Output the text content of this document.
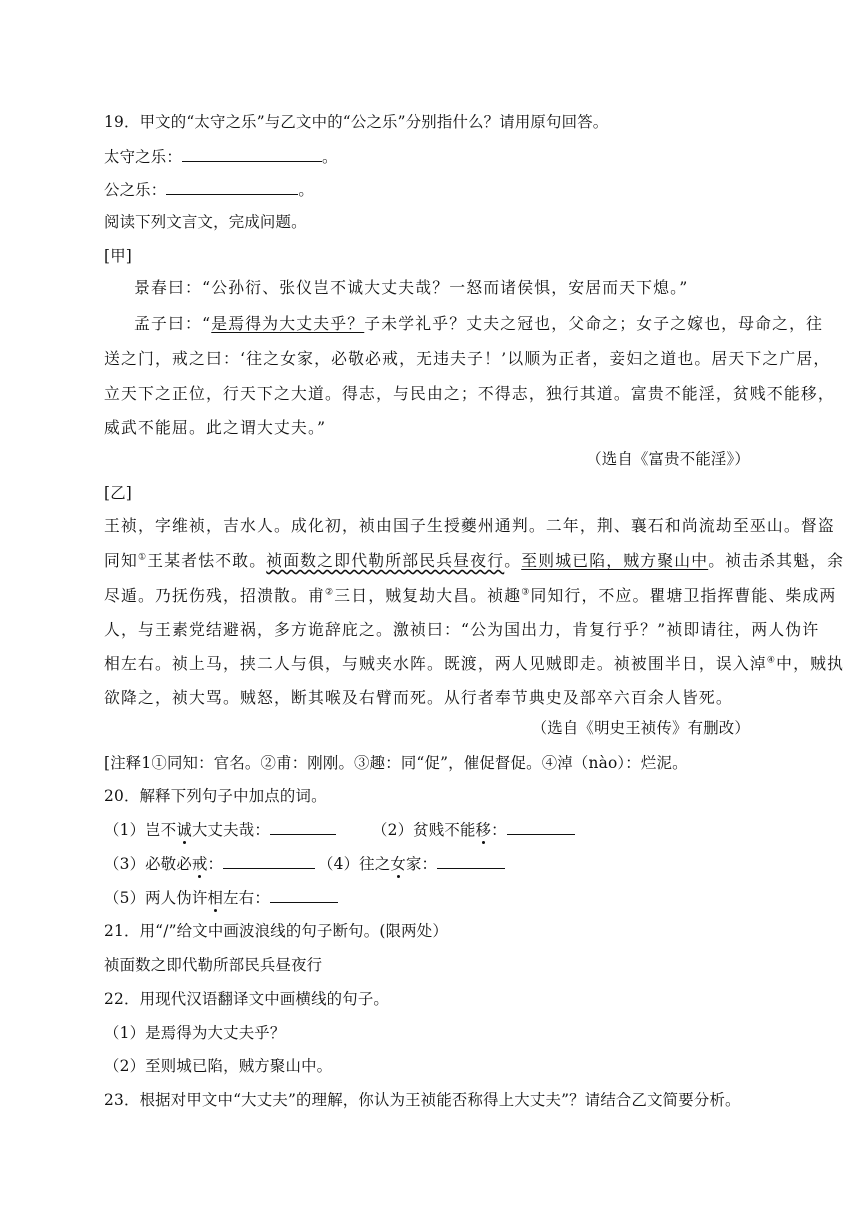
19．甲文的“太守之乐”与乙文中的“公之乐”分别指什么？请用原句回答。
太守之乐：	。
公之乐：	。
阅读下列文言文，完成问题。
[甲]
景春曰：“公孙衍、张仪岂不诚大丈夫哉？一怒而诸侯惧，安居而天下熄。”
孟子曰：“是焉得为大丈夫乎？子未学礼乎？丈夫之冠也，父命之；女子之嫁也，母命之，往
送之门，戒之曰：‘往之女家，必敬必戒，无违夫子！’以顺为正者，妾妇之道也。居天下之广居，
立天下之正位，行天下之大道。得志，与民由之；不得志，独行其道。富贵不能淫，贫贱不能移，
威武不能屈。此之谓大丈夫。”
（选自《富贵不能淫》）
[乙]
王祯，字维祯，吉水人。成化初，祯由国子生授夔州通判。二年，荆、襄石和尚流劫至巫山。督盗
同知①王某者怯不敢。祯面数之即代勒所部民兵昼夜行。至则城已陷，贼方聚山中。祯击杀其魁，余
尽遁。乃抚伤残，招溃散。甫②三日，贼复劫大昌。祯趣③同知行，不应。瞿塘卫指挥曹能、柴成两
人，与王素党结避祸，多方诡辞庇之。激祯曰：“公为国出力，肯复行乎？”祯即请往，两人伪许
相左右。祯上马，挟二人与俱，与贼夹水阵。既渡，两人见贼即走。祯被围半日，误入淖④中，贼执
欲降之，祯大骂。贼怒，断其喉及右臂而死。从行者奉节典史及部卒六百余人皆死。
（选自《明史王祯传》有删改）
[注释1①同知：官名。②甫：刚刚。③趣：同“促”，催促督促。④淖（nào）：烂泥。
20．解释下列句子中加点的词。
（1）岂不诚大丈夫哉：	（2）贫贱不能移：
（3）必敬必戒：	（4）往之女家：
（5）两人伪许相左右：
21．用“/”给文中画波浪线的句子断句。(限两处）
祯面数之即代勒所部民兵昼夜行
22．用现代汉语翻译文中画横线的句子。
（1）是焉得为大丈夫乎？
（2）至则城已陷，贼方聚山中。
23．根据对甲文中“大丈夫”的理解，你认为王祯能否称得上大丈夫”？请结合乙文简要分析。
